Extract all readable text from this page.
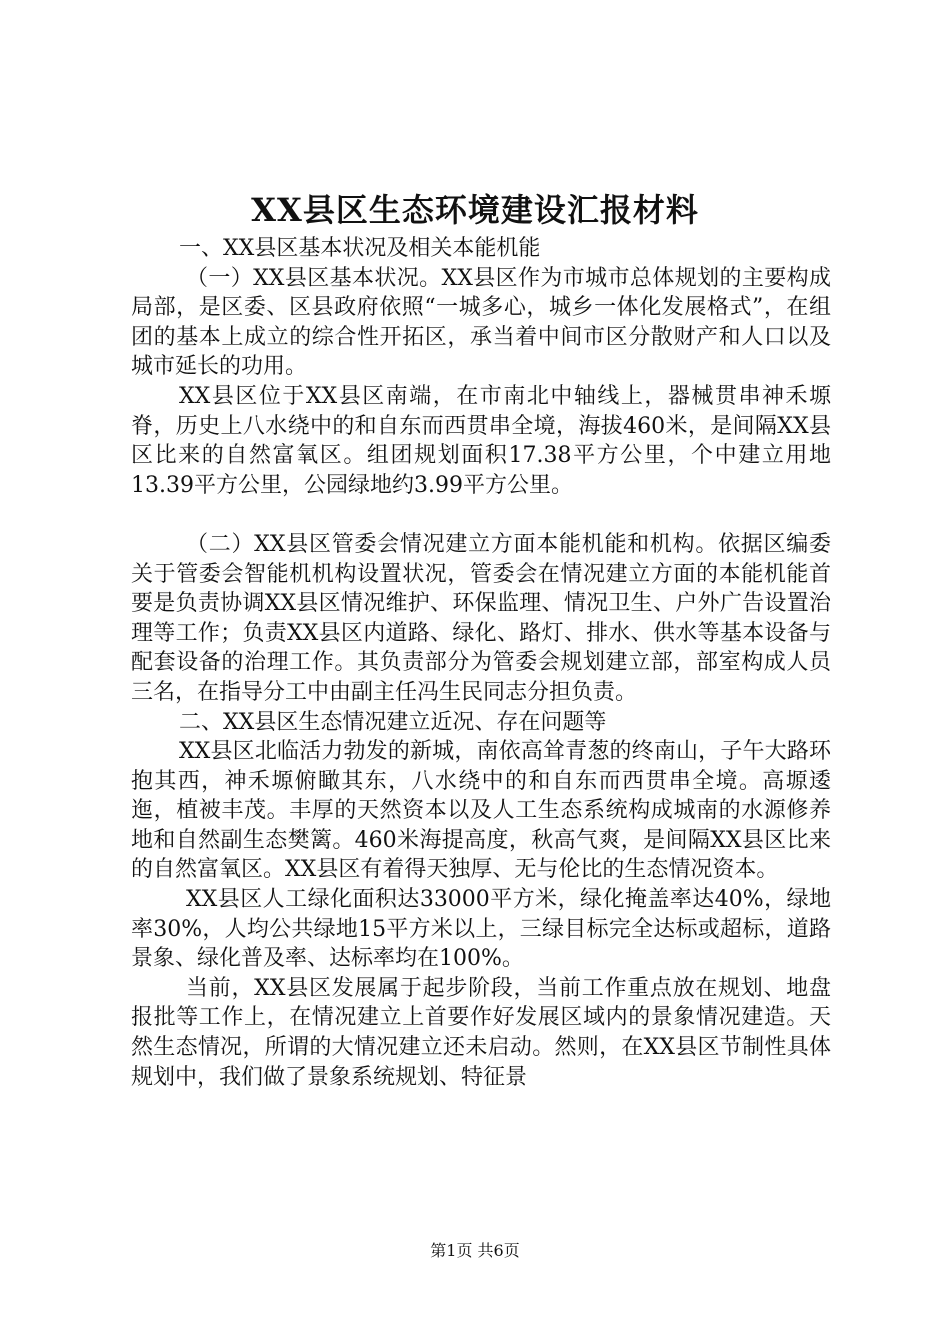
XX县区生态环境建设汇报材料

一、XX县区基本状况及相关本能机能

（一）XX县区基本状况。XX县区作为市城市总体规划的主要构成局部，是区委、区县政府依照“一城多心，城乡一体化发展格式”，在组团的基本上成立的综合性开拓区，承当着中间市区分散财产和人口以及城市延长的功用。

XX县区位于XX县区南端，在市南北中轴线上，器械贯串神禾塬脊，历史上八水绕中的和自东而西贯串全境，海拔460米，是间隔XX县区比来的自然富氧区。组团规划面积17.38平方公里，个中建立用地13.39平方公里，公园绿地约3.99平方公里。

（二）XX县区管委会情况建立方面本能机能和机构。依据区编委关于管委会智能机机构设置状况，管委会在情况建立方面的本能机能首要是负责协调XX县区情况维护、环保监理、情况卫生、户外广告设置治理等工作；负责XX县区内道路、绿化、路灯、排水、供水等基本设备与配套设备的治理工作。其负责部分为管委会规划建立部，部室构成人员三名，在指导分工中由副主任冯生民同志分担负责。

二、XX县区生态情况建立近况、存在问题等

XX县区北临活力勃发的新城，南依高耸青葱的终南山，子午大路环抱其西，神禾塬俯瞰其东，八水绕中的和自东而西贯串全境。高塬逶迤，植被丰茂。丰厚的天然资本以及人工生态系统构成城南的水源修养地和自然副生态樊篱。460米海提高度，秋高气爽，是间隔XX县区比来的自然富氧区。XX县区有着得天独厚、无与伦比的生态情况资本。

XX县区人工绿化面积达33000平方米，绿化掩盖率达40%，绿地率30%，人均公共绿地15平方米以上，三绿目标完全达标或超标，道路景象、绿化普及率、达标率均在100%。

当前，XX县区发展属于起步阶段，当前工作重点放在规划、地盘报批等工作上，在情况建立上首要作好发展区域内的景象情况建造。天然生态情况，所谓的大情况建立还未启动。然则，在XX县区节制性具体规划中，我们做了景象系统规划、特征景

第1页 共6页
